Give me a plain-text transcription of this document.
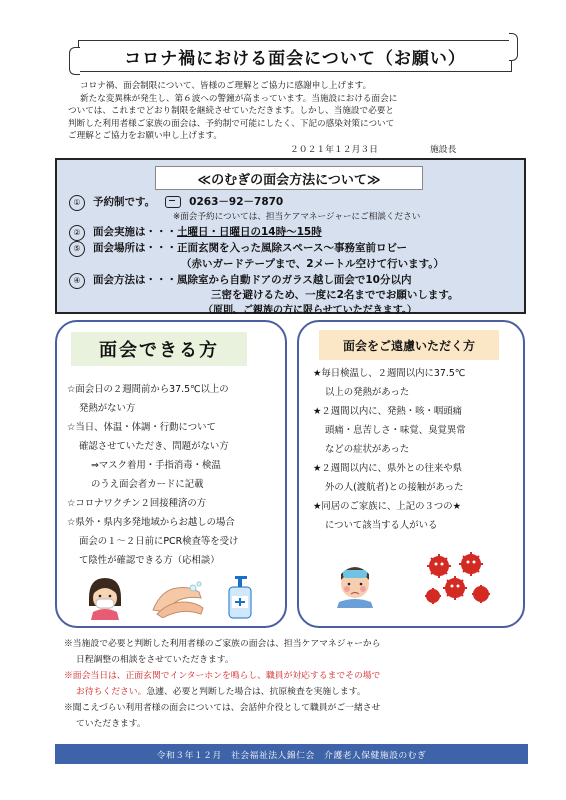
コロナ禍における面会について（お願い）

コロナ禍、面会制限について、皆様のご理解とご協力に感謝申し上げます。

新たな変異株が発生し、第６波への警鐘が高まっています。当施設における面会に

ついては、これまでどおり制限を継続させていただきます。しかし、当施設で必要と

判断した利用者様ご家族の面会は、予約制で可能にしたく、下記の感染対策について

ご理解とご協力をお願い申し上げます。

２０２１年１２月３日	施設長
≪のむぎの面会方法について≫
① 予約制です。	0263－92－7870
※面会予約については、担当ケアマネージャーにご相談ください
② 面会実施は・・・土曜日・日曜日の14時～15時
⑤ 面会場所は・・・正面玄関を入った風除スペース～事務室前ロビー
（赤いガードテープまで、2メートル空けて行います。）
④ 面会方法は・・・風除室から自動ドアのガラス越し面会で10分以内
三密を避けるため、一度に2名まででお願いします。
（原則、ご親族の方に限らせていただきます。）
面会できる方
☆面会日の２週間前から37.5℃以上の
発熱がない方
☆当日、体温・体調・行動について
確認させていただき、問題がない方
⇒マスク着用・手指消毒・検温
のうえ面会者カードに記載
☆コロナワクチン２回接種済の方
☆県外・県内多発地域からお越しの場合
面会の１～２日前にPCR検査等を受け
て陰性が確認できる方（応相談）
面会をご遠慮いただく方
★毎日検温し、２週間以内に37.5℃
以上の発熱があった
★２週間以内に、発熱・咳・咽頭痛
頭痛・息苦しさ・味覚、臭覚異常
などの症状があった
★２週間以内に、県外との往来や県
外の人(渡航者)との接触があった
★同居のご家族に、上記の３つの★
について該当する人がいる

※当施設で必要と判断した利用者様のご家族の面会は、担当ケアマネジャーから

日程調整の相談をさせていただきます。

※面会当日は、正面玄関でインターホンを鳴らし、職員が対応するまでその場で

お待ちください。急遽、必要と判断した場合は、抗原検査を実施します。

※聞こえづらい利用者様の面会については、会話仲介役として職員がご一緒させ

ていただきます。

令和３年１２月　社会福祉法人錦仁会　介護老人保健施設のむぎ
